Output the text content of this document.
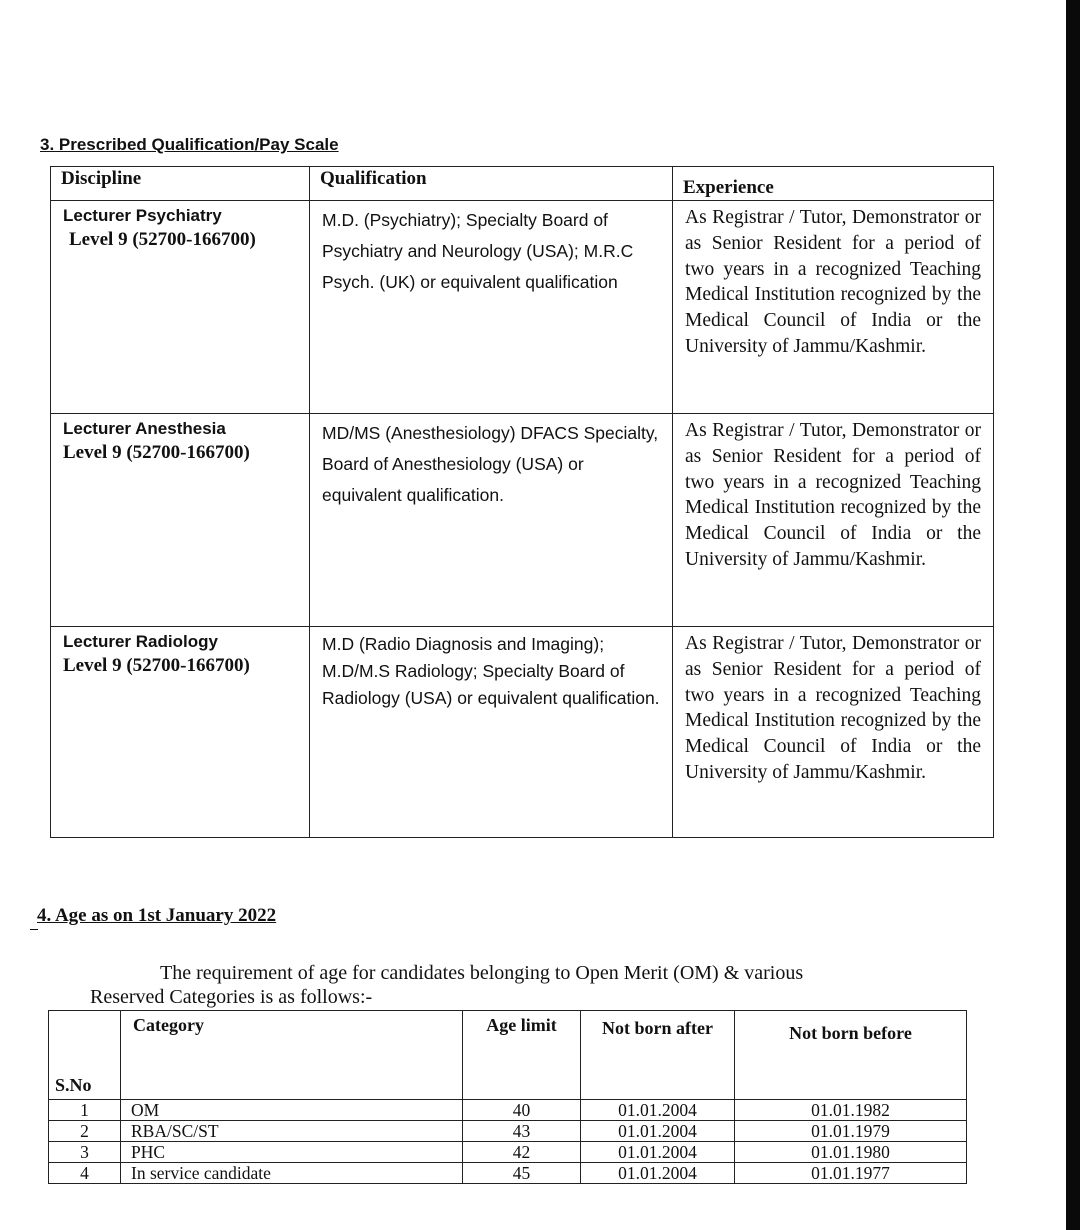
3. Prescribed Qualification/Pay Scale
Discipline	Qualification	Experience

Lecturer Psychiatry
Level 9 (52700-166700)	M.D. (Psychiatry); Specialty Board of Psychiatry and Neurology (USA); M.R.C Psych. (UK) or equivalent qualification	As Registrar / Tutor, Demonstrator or as Senior Resident for a period of two years in a recognized Teaching Medical Institution recognized by the Medical Council of India or the University of Jammu/Kashmir.

Lecturer Anesthesia
Level 9 (52700-166700)	MD/MS (Anesthesiology) DFACS Specialty, Board of Anesthesiology (USA) or equivalent qualification.	As Registrar / Tutor, Demonstrator or as Senior Resident for a period of two years in a recognized Teaching Medical Institution recognized by the Medical Council of India or the University of Jammu/Kashmir.

Lecturer Radiology
Level 9 (52700-166700)	M.D (Radio Diagnosis and Imaging); M.D/M.S Radiology; Specialty Board of Radiology (USA) or equivalent qualification.	As Registrar / Tutor, Demonstrator or as Senior Resident for a period of two years in a recognized Teaching Medical Institution recognized by the Medical Council of India or the University of Jammu/Kashmir.
4. Age as on 1st January 2022

The requirement of age for candidates belonging to Open Merit (OM) & various

Reserved Categories is as follows:-

S.No	Category	Age limit	Not born after	Not born before
1	OM	40	01.01.2004	01.01.1982
2	RBA/SC/ST	43	01.01.2004	01.01.1979
3	PHC	42	01.01.2004	01.01.1980
4	In service candidate	45	01.01.2004	01.01.1977
